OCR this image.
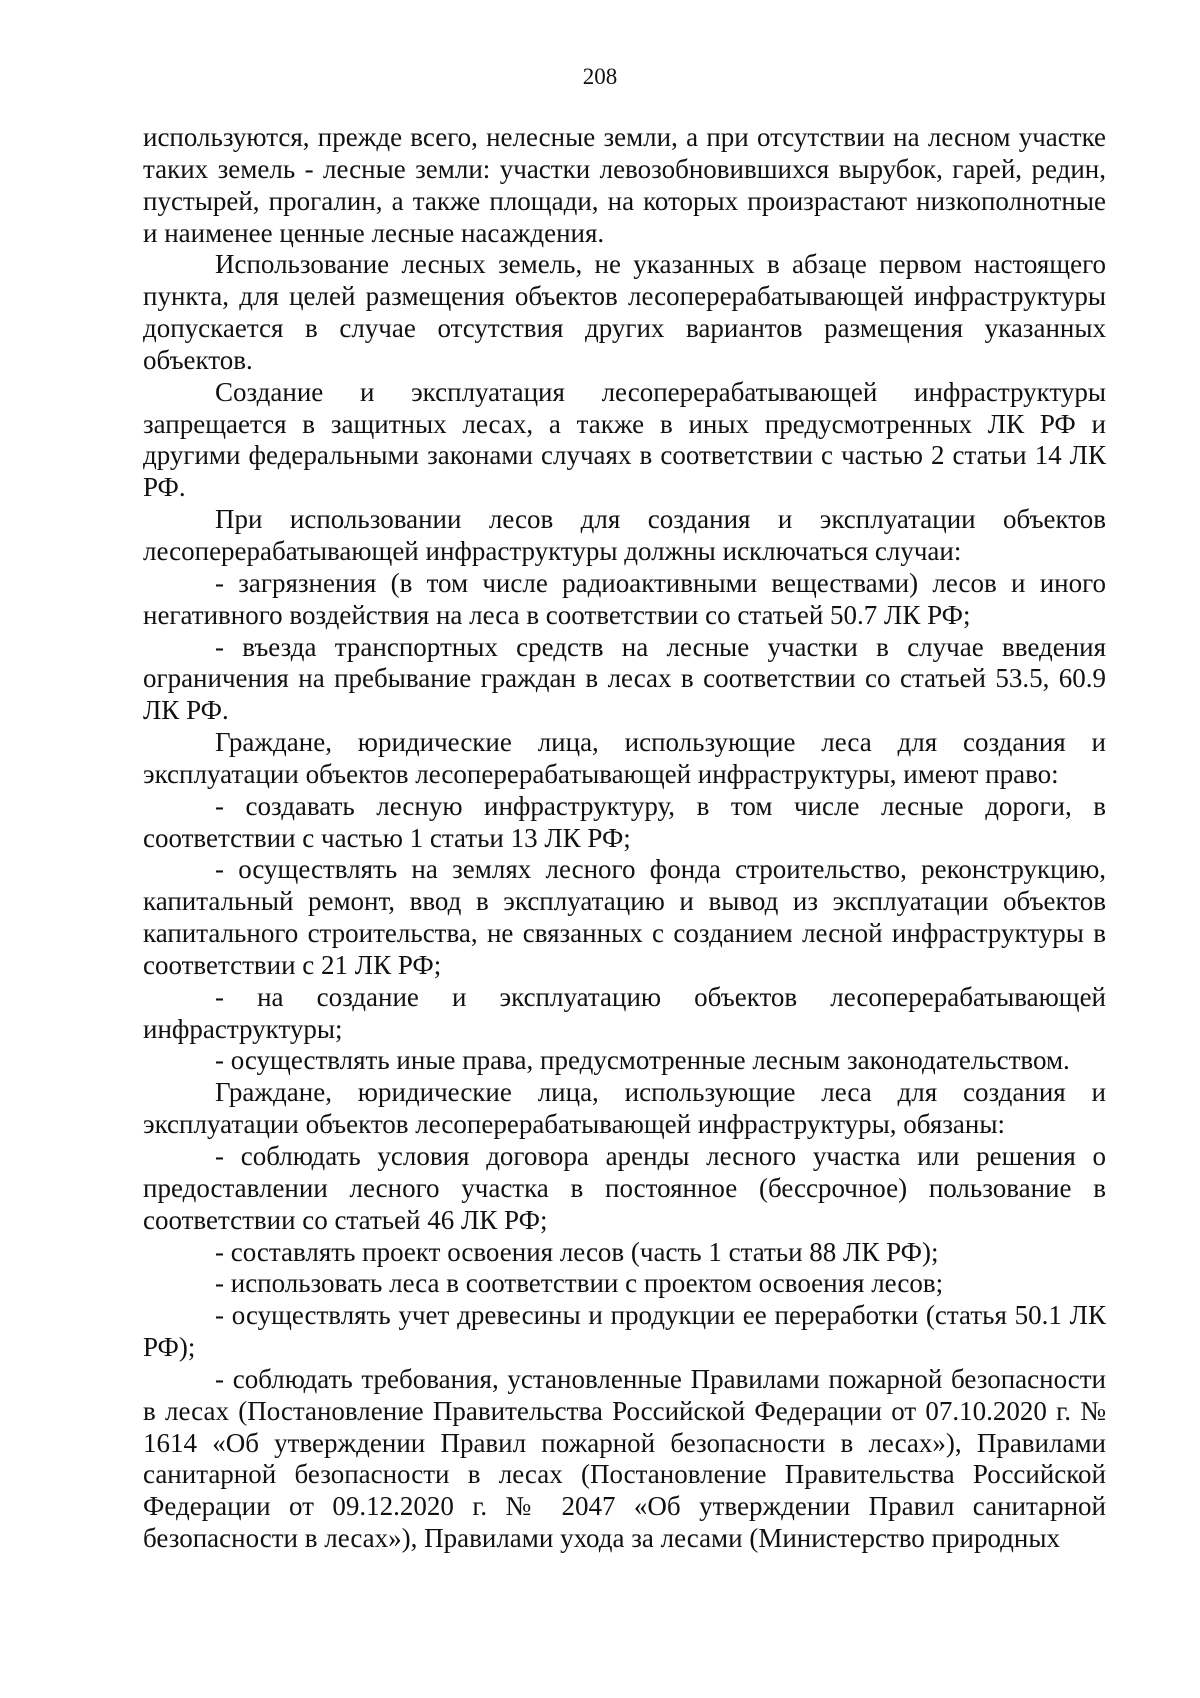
208

используются, прежде всего, нелесные земли, а при отсутствии на лесном участке таких земель - лесные земли: участки левозобновившихся вырубок, гарей, редин, пустырей, прогалин, а также площади, на которых произрастают низкополнотные и наименее ценные лесные насаждения.

Использование лесных земель, не указанных в абзаце первом настоящего пункта, для целей размещения объектов лесоперерабатывающей инфраструктуры допускается в случае отсутствия других вариантов размещения указанных объектов.

Создание и эксплуатация лесоперерабатывающей инфраструктуры запрещается в защитных лесах, а также в иных предусмотренных ЛК РФ и другими федеральными законами случаях в соответствии с частью 2 статьи 14 ЛК РФ.

При использовании лесов для создания и эксплуатации объектов лесоперерабатывающей инфраструктуры должны исключаться случаи:

- загрязнения (в том числе радиоактивными веществами) лесов и иного негативного воздействия на леса в соответствии со статьей 50.7 ЛК РФ;

- въезда транспортных средств на лесные участки в случае введения ограничения на пребывание граждан в лесах в соответствии со статьей 53.5, 60.9 ЛК РФ.

Граждане, юридические лица, использующие леса для создания и эксплуатации объектов лесоперерабатывающей инфраструктуры, имеют право:

- создавать лесную инфраструктуру, в том числе лесные дороги, в соответствии с частью 1 статьи 13 ЛК РФ;

- осуществлять на землях лесного фонда строительство, реконструкцию, капитальный ремонт, ввод в эксплуатацию и вывод из эксплуатации объектов капитального строительства, не связанных с созданием лесной инфраструктуры в соответствии с 21 ЛК РФ;

- на создание и эксплуатацию объектов лесоперерабатывающей инфраструктуры;

- осуществлять иные права, предусмотренные лесным законодательством.

Граждане, юридические лица, использующие леса для создания и эксплуатации объектов лесоперерабатывающей инфраструктуры, обязаны:

- соблюдать условия договора аренды лесного участка или решения о предоставлении лесного участка в постоянное (бессрочное) пользование в соответствии со статьей 46 ЛК РФ;

- составлять проект освоения лесов (часть 1 статьи 88 ЛК РФ);

- использовать леса в соответствии с проектом освоения лесов;

- осуществлять учет древесины и продукции ее переработки (статья 50.1 ЛК РФ);

- соблюдать требования, установленные Правилами пожарной безопасности в лесах (Постановление Правительства Российской Федерации от 07.10.2020 г. № 1614 «Об утверждении Правил пожарной безопасности в лесах»), Правилами санитарной безопасности в лесах (Постановление Правительства Российской Федерации от 09.12.2020 г. № 2047 «Об утверждении Правил санитарной безопасности в лесах»), Правилами ухода за лесами (Министерство природных
